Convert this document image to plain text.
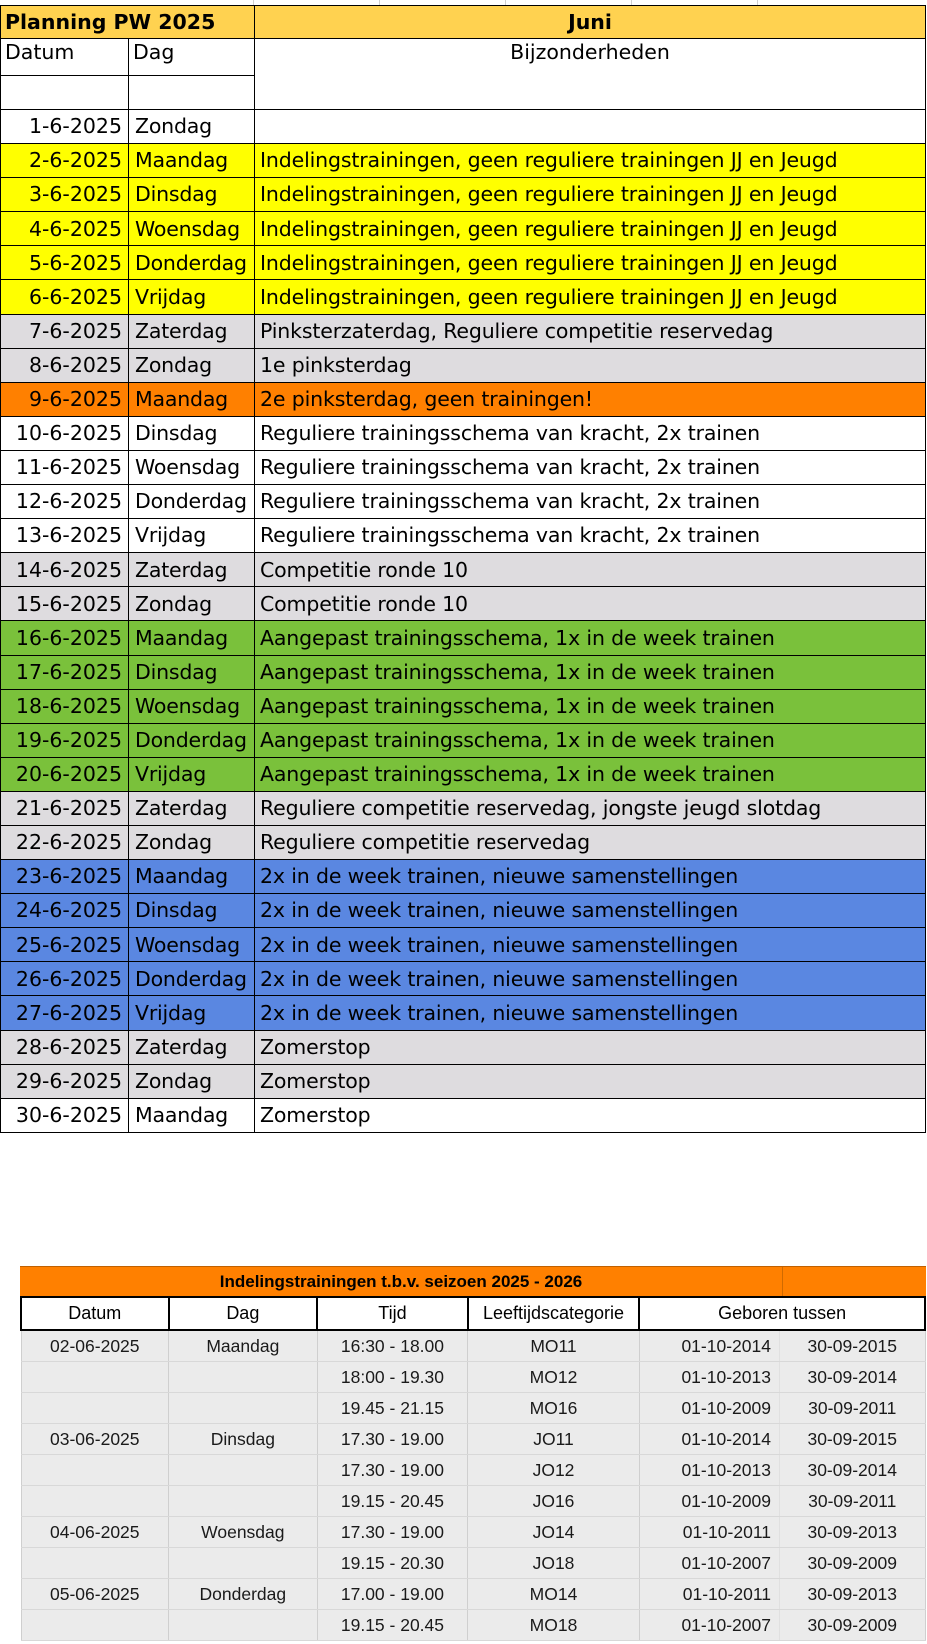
Planning PW 2025		Juni
Datum	Dag	Bijzonderheden

1-6-2025	Zondag	
2-6-2025	Maandag	Indelingstrainingen, geen reguliere trainingen JJ en Jeugd
3-6-2025	Dinsdag	Indelingstrainingen, geen reguliere trainingen JJ en Jeugd
4-6-2025	Woensdag	Indelingstrainingen, geen reguliere trainingen JJ en Jeugd
5-6-2025	Donderdag	Indelingstrainingen, geen reguliere trainingen JJ en Jeugd
6-6-2025	Vrijdag	Indelingstrainingen, geen reguliere trainingen JJ en Jeugd
7-6-2025	Zaterdag	Pinksterzaterdag, Reguliere competitie reservedag
8-6-2025	Zondag	1e pinksterdag
9-6-2025	Maandag	2e pinksterdag, geen trainingen!
10-6-2025	Dinsdag	Reguliere trainingsschema van kracht, 2x trainen
11-6-2025	Woensdag	Reguliere trainingsschema van kracht, 2x trainen
12-6-2025	Donderdag	Reguliere trainingsschema van kracht, 2x trainen
13-6-2025	Vrijdag	Reguliere trainingsschema van kracht, 2x trainen
14-6-2025	Zaterdag	Competitie ronde 10
15-6-2025	Zondag	Competitie ronde 10
16-6-2025	Maandag	Aangepast trainingsschema, 1x in de week trainen
17-6-2025	Dinsdag	Aangepast trainingsschema, 1x in de week trainen
18-6-2025	Woensdag	Aangepast trainingsschema, 1x in de week trainen
19-6-2025	Donderdag	Aangepast trainingsschema, 1x in de week trainen
20-6-2025	Vrijdag	Aangepast trainingsschema, 1x in de week trainen
21-6-2025	Zaterdag	Reguliere competitie reservedag, jongste jeugd slotdag
22-6-2025	Zondag	Reguliere competitie reservedag
23-6-2025	Maandag	2x in de week trainen, nieuwe samenstellingen
24-6-2025	Dinsdag	2x in de week trainen, nieuwe samenstellingen
25-6-2025	Woensdag	2x in de week trainen, nieuwe samenstellingen
26-6-2025	Donderdag	2x in de week trainen, nieuwe samenstellingen
27-6-2025	Vrijdag	2x in de week trainen, nieuwe samenstellingen
28-6-2025	Zaterdag	Zomerstop
29-6-2025	Zondag	Zomerstop
30-6-2025	Maandag	Zomerstop
Indelingstrainingen t.b.v. seizoen 2025 - 2026
Datum	Dag	Tijd	Leeftijdscategorie	Geboren tussen	
02-06-2025	Maandag	16:30 - 18.00	MO11	01-10-2014	30-09-2015
		18:00 - 19.30	MO12	01-10-2013	30-09-2014
		19.45 - 21.15	MO16	01-10-2009	30-09-2011
03-06-2025	Dinsdag	17.30 - 19.00	JO11	01-10-2014	30-09-2015
		17.30 - 19.00	JO12	01-10-2013	30-09-2014
		19.15 - 20.45	JO16	01-10-2009	30-09-2011
04-06-2025	Woensdag	17.30 - 19.00	JO14	01-10-2011	30-09-2013
		19.15 - 20.30	JO18	01-10-2007	30-09-2009
05-06-2025	Donderdag	17.00 - 19.00	MO14	01-10-2011	30-09-2013
		19.15 - 20.45	MO18	01-10-2007	30-09-2009
